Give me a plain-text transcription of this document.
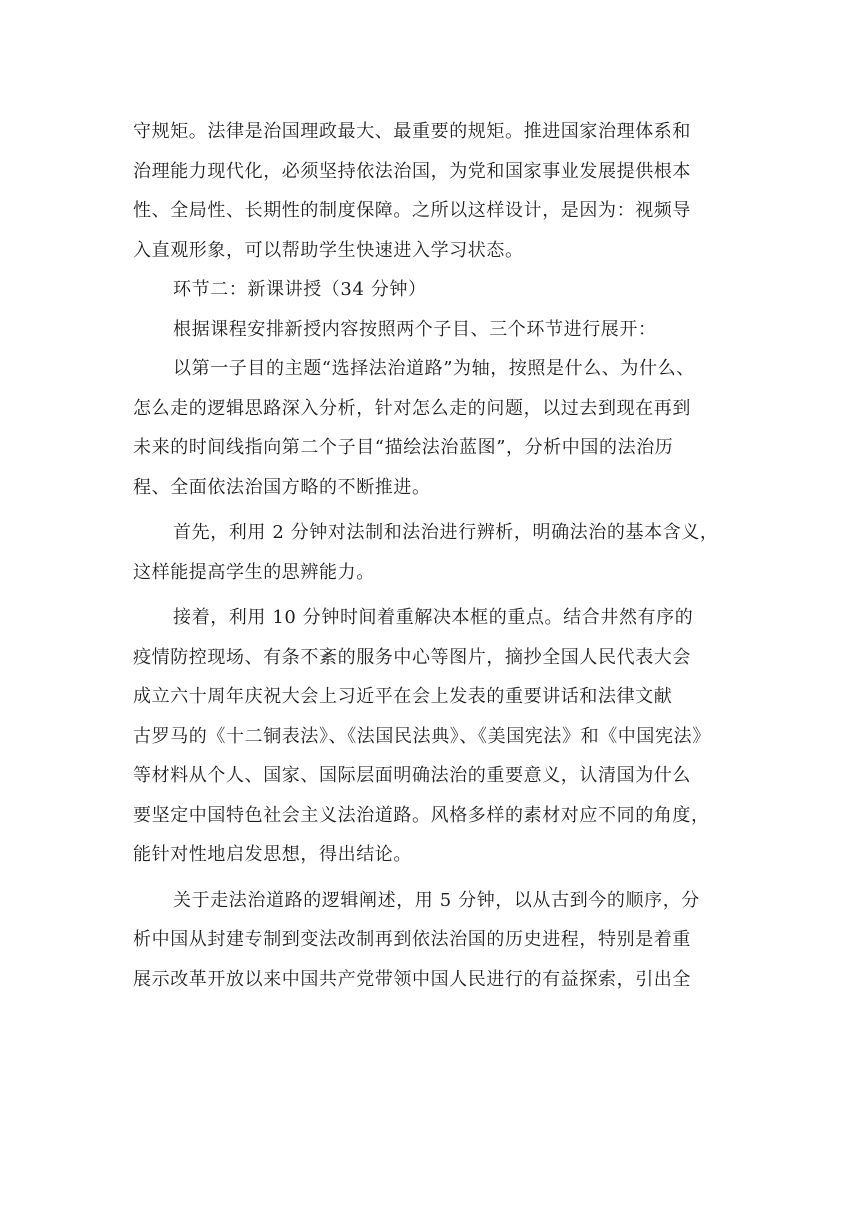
守规矩。法律是治国理政最大、最重要的规矩。推进国家治理体系和
治理能力现代化，必须坚持依法治国，为党和国家事业发展提供根本
性、全局性、长期性的制度保障。之所以这样设计，是因为：视频导
入直观形象，可以帮助学生快速进入学习状态。

环节二：新课讲授（34 分钟）

根据课程安排新授内容按照两个子目、三个环节进行展开：

以第一子目的主题“选择法治道路”为轴，按照是什么、为什么、
怎么走的逻辑思路深入分析，针对怎么走的问题，以过去到现在再到
未来的时间线指向第二个子目“描绘法治蓝图”，分析中国的法治历
程、全面依法治国方略的不断推进。

首先，利用 2 分钟对法制和法治进行辨析，明确法治的基本含义，
这样能提高学生的思辨能力。

接着，利用 10 分钟时间着重解决本框的重点。结合井然有序的
疫情防控现场、有条不紊的服务中心等图片，摘抄全国人民代表大会
成立六十周年庆祝大会上习近平在会上发表的重要讲话和法律文献
古罗马的《十二铜表法》、《法国民法典》、《美国宪法》和《中国宪法》
等材料从个人、国家、国际层面明确法治的重要意义，认清国为什么
要坚定中国特色社会主义法治道路。风格多样的素材对应不同的角度，
能针对性地启发思想，得出结论。

关于走法治道路的逻辑阐述，用 5 分钟，以从古到今的顺序，分
析中国从封建专制到变法改制再到依法治国的历史进程，特别是着重
展示改革开放以来中国共产党带领中国人民进行的有益探索，引出全
